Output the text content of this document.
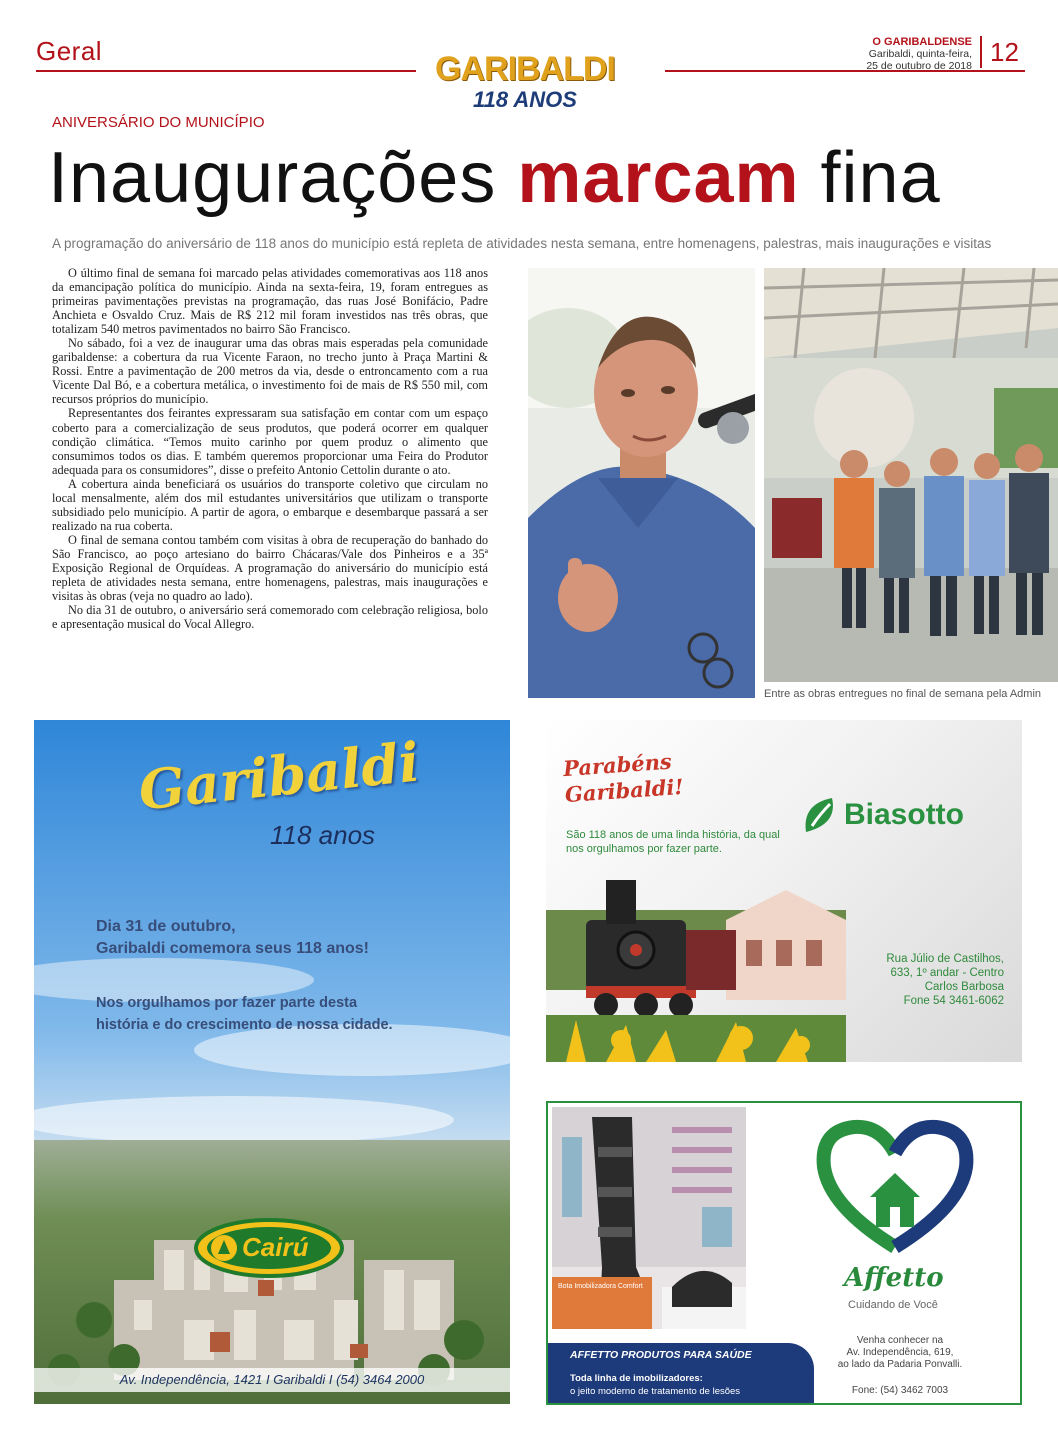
Geral	GARIBALDI
118 ANOS
O GARIBALDENSE
Garibaldi, quinta-feira,
25 de outubro de 2018 12
ANIVERSÁRIO DO MUNICÍPIO
Inaugurações marcam fina
A programação do aniversário de 118 anos do município está repleta de atividades nesta semana, entre homenagens, palestras, mais inaugurações e visitas

O último final de semana foi marcado pelas atividades comemorativas aos 118 anos da emancipação política do município. Ainda na sexta-feira, 19, foram entregues as primeiras pavimentações previstas na programação, das ruas José Bonifácio, Padre Anchieta e Osvaldo Cruz. Mais de R$ 212 mil foram investidos nas três obras, que totalizam 540 metros pavimentados no bairro São Francisco.

No sábado, foi a vez de inaugurar uma das obras mais esperadas pela comunidade garibaldense: a cobertura da rua Vicente Faraon, no trecho junto à Praça Martini & Rossi. Entre a pavimentação de 200 metros da via, desde o entroncamento com a rua Vicente Dal Bó, e a cobertura metálica, o investimento foi de mais de R$ 550 mil, com recursos próprios do município.

Representantes dos feirantes expressaram sua satisfação em contar com um espaço coberto para a comercialização de seus produtos, que poderá ocorrer em qualquer condição climática. “Temos muito carinho por quem produz o alimento que consumimos todos os dias. E também queremos proporcionar uma Feira do Produtor adequada para os consumidores”, disse o prefeito Antonio Cettolin durante o ato.

A cobertura ainda beneficiará os usuários do transporte coletivo que circulam no local mensalmente, além dos mil estudantes universitários que utilizam o transporte subsidiado pelo município. A partir de agora, o embarque e desembarque passará a ser realizado na rua coberta.

O final de semana contou também com visitas à obra de recuperação do banhado do São Francisco, ao poço artesiano do bairro Chácaras/Vale dos Pinheiros e a 35ª Exposição Regional de Orquídeas. A programação do aniversário do município está repleta de atividades nesta semana, entre homenagens, palestras, mais inaugurações e visitas às obras (veja no quadro ao lado).

No dia 31 de outubro, o aniversário será comemorado com celebração religiosa, bolo e apresentação musical do Vocal Allegro.

Entre as obras entregues no final de semana pela Admin
Garibaldi
118 anos
Dia 31 de outubro,
Garibaldi comemora seus 118 anos!
Nos orgulhamos por fazer parte desta
história e do crescimento de nossa cidade.
Cairú
Av. Independência, 1421 I Garibaldi I (54) 3464 2000
Parabéns
Garibaldi!
São 118 anos de uma linda história, da qual nos orgulhamos por fazer parte.
Biasotto
Rua Júlio de Castilhos,
633, 1º andar - Centro
Carlos Barbosa
Fone 54 3461-6062
Bota Imobilizadora Comfort	Affetto
Cuidando de Você
Venha conhecer na
Av. Independência, 619,
ao lado da Padaria Ponvalli.
Fone: (54) 3462 7003
AFFETTO PRODUTOS PARA SAÚDE
Toda linha de imobilizadores:
o jeito moderno de tratamento de lesões
